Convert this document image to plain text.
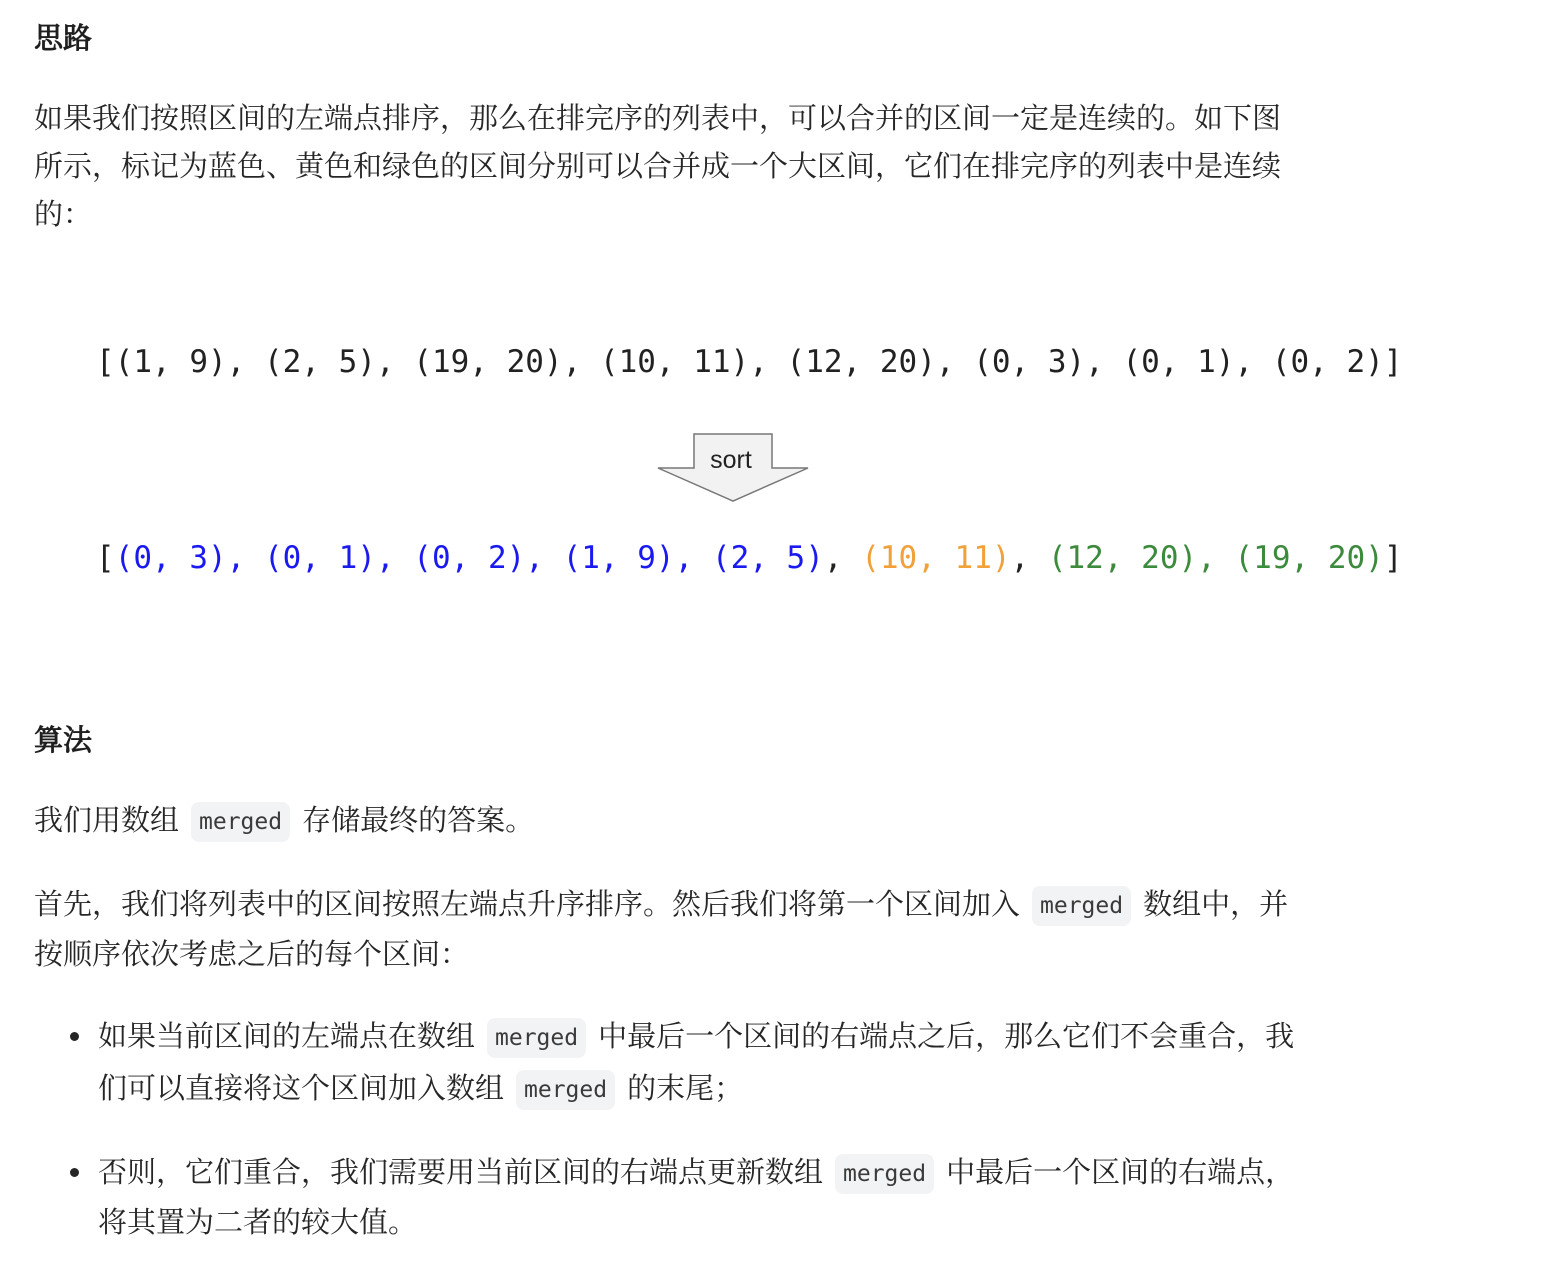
思路

如果我们按照区间的左端点排序，那么在排完序的列表中，可以合并的区间一定是连续的。如下图
所示，标记为蓝色、黄色和绿色的区间分别可以合并成一个大区间，它们在排完序的列表中是连续
的：

[(1, 9), (2, 5), (19, 20), (10, 11), (12, 20), (0, 3), (0, 1), (0, 2)]
sort
[(0, 3), (0, 1), (0, 2), (1, 9), (2, 5), (10, 11), (12, 20), (19, 20)]
算法

我们用数组 merged 存储最终的答案。

首先，我们将列表中的区间按照左端点升序排序。然后我们将第一个区间加入 merged 数组中，并

按顺序依次考虑之后的每个区间：

如果当前区间的左端点在数组 merged 中最后一个区间的右端点之后，那么它们不会重合，我

们可以直接将这个区间加入数组 merged 的末尾；

否则，它们重合，我们需要用当前区间的右端点更新数组 merged 中最后一个区间的右端点，

将其置为二者的较大值。
